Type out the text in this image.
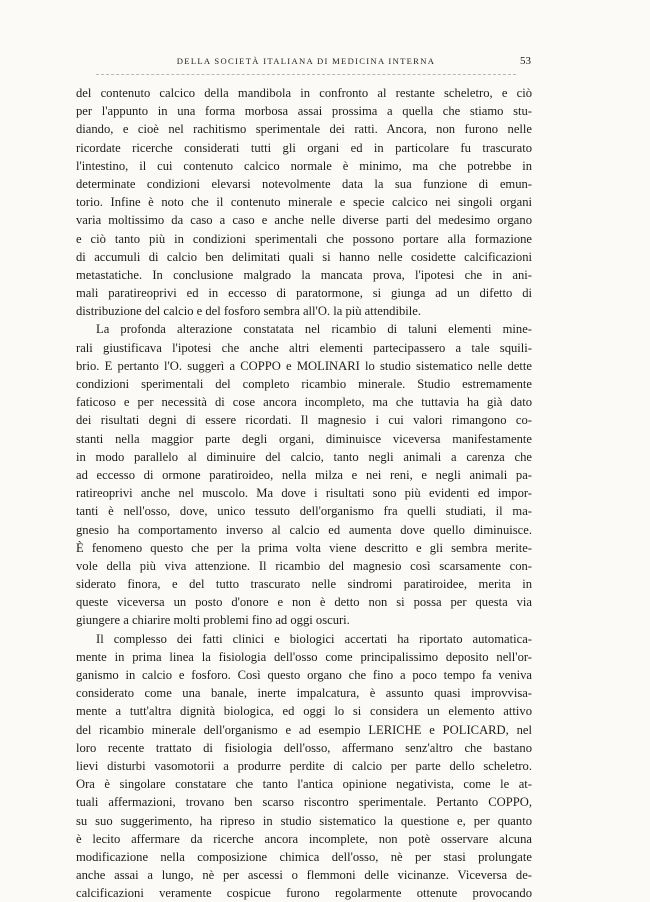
DELLA SOCIETÀ ITALIANA DI MEDICINA INTERNA	53
del contenuto calcico della mandibola in confronto al restante scheletro, e ciò
per l'appunto in una forma morbosa assai prossima a quella che stiamo stu-
diando, e cioè nel rachitismo sperimentale dei ratti. Ancora, non furono nelle
ricordate ricerche considerati tutti gli organi ed in particolare fu trascurato
l'intestino, il cui contenuto calcico normale è minimo, ma che potrebbe in
determinate condizioni elevarsi notevolmente data la sua funzione di emun-
torio. Infine è noto che il contenuto minerale e specie calcico nei singoli organi
varia moltissimo da caso a caso e anche nelle diverse parti del medesimo organo
e ciò tanto più in condizioni sperimentali che possono portare alla formazione
di accumuli di calcio ben delimitati quali si hanno nelle cosidette calcificazioni
metastatiche. In conclusione malgrado la mancata prova, l'ipotesi che in ani-
mali paratireoprivi ed in eccesso di paratormone, si giunga ad un difetto di
distribuzione del calcio e del fosforo sembra all'O. la più attendibile.
La profonda alterazione constatata nel ricambio di taluni elementi mine-
rali giustificava l'ipotesi che anche altri elementi partecipassero a tale squili-
brio. E pertanto l'O. suggerì a COPPO e MOLINARI lo studio sistematico nelle dette
condizioni sperimentali del completo ricambio minerale. Studio estremamente
faticoso e per necessità di cose ancora incompleto, ma che tuttavia ha già dato
dei risultati degni di essere ricordati. Il magnesio i cui valori rimangono co-
stanti nella maggior parte degli organi, diminuisce viceversa manifestamente
in modo parallelo al diminuire del calcio, tanto negli animali a carenza che
ad eccesso di ormone paratiroideo, nella milza e nei reni, e negli animali pa-
ratireoprivi anche nel muscolo. Ma dove i risultati sono più evidenti ed impor-
tanti è nell'osso, dove, unico tessuto dell'organismo fra quelli studiati, il ma-
gnesio ha comportamento inverso al calcio ed aumenta dove quello diminuisce.
È fenomeno questo che per la prima volta viene descritto e gli sembra merite-
vole della più viva attenzione. Il ricambio del magnesio così scarsamente con-
siderato finora, e del tutto trascurato nelle sindromi paratiroidee, merita in
queste viceversa un posto d'onore e non è detto non si possa per questa via
giungere a chiarire molti problemi fino ad oggi oscuri.
Il complesso dei fatti clinici e biologici accertati ha riportato automatica-
mente in prima linea la fisiologia dell'osso come principalissimo deposito nell'or-
ganismo in calcio e fosforo. Così questo organo che fino a poco tempo fa veniva
considerato come una banale, inerte impalcatura, è assunto quasi improvvisa-
mente a tutt'altra dignità biologica, ed oggi lo si considera un elemento attivo
del ricambio minerale dell'organismo e ad esempio LERICHE e POLICARD, nel
loro recente trattato di fisiologia dell'osso, affermano senz'altro che bastano
lievi disturbi vasomotorii a produrre perdite di calcio per parte dello scheletro.
Ora è singolare constatare che tanto l'antica opinione negativista, come le at-
tuali affermazioni, trovano ben scarso riscontro sperimentale. Pertanto COPPO,
su suo suggerimento, ha ripreso in studio sistematico la questione e, per quanto
è lecito affermare da ricerche ancora incomplete, non potè osservare alcuna
modificazione nella composizione chimica dell'osso, nè per stasi prolungate
anche assai a lungo, nè per ascessi o flemmoni delle vicinanze. Viceversa de-
calcificazioni veramente cospicue furono regolarmente ottenute provocando
